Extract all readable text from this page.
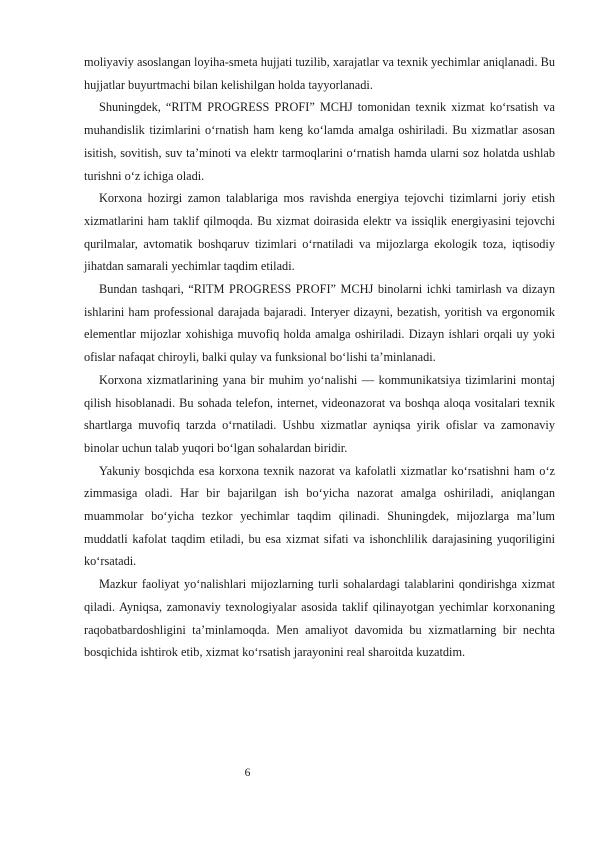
moliyaviy asoslangan loyiha-smeta hujjati tuzilib, xarajatlar va texnik yechimlar aniqlanadi. Bu hujjatlar buyurtmachi bilan kelishilgan holda tayyorlanadi.

Shuningdek, “RITM PROGRESS PROFI” MCHJ tomonidan texnik xizmat ko‘rsatish va muhandislik tizimlarini o‘rnatish ham keng ko‘lamda amalga oshiriladi. Bu xizmatlar asosan isitish, sovitish, suv ta’minoti va elektr tarmoqlarini o‘rnatish hamda ularni soz holatda ushlab turishni o‘z ichiga oladi.

Korxona hozirgi zamon talablariga mos ravishda energiya tejovchi tizimlarni joriy etish xizmatlarini ham taklif qilmoqda. Bu xizmat doirasida elektr va issiqlik energiyasini tejovchi qurilmalar, avtomatik boshqaruv tizimlari o‘rnatiladi va mijozlarga ekologik toza, iqtisodiy jihatdan samarali yechimlar taqdim etiladi.

Bundan tashqari, “RITM PROGRESS PROFI” MCHJ binolarni ichki tamirlash va dizayn ishlarini ham professional darajada bajaradi. Interyer dizayni, bezatish, yoritish va ergonomik elementlar mijozlar xohishiga muvofiq holda amalga oshiriladi. Dizayn ishlari orqali uy yoki ofislar nafaqat chiroyli, balki qulay va funksional bo‘lishi ta’minlanadi.

Korxona xizmatlarining yana bir muhim yo‘nalishi — kommunikatsiya tizimlarini montaj qilish hisoblanadi. Bu sohada telefon, internet, videonazorat va boshqa aloqa vositalari texnik shartlarga muvofiq tarzda o‘rnatiladi. Ushbu xizmatlar ayniqsa yirik ofislar va zamonaviy binolar uchun talab yuqori bo‘lgan sohalardan biridir.

Yakuniy bosqichda esa korxona texnik nazorat va kafolatli xizmatlar ko‘rsatishni ham o‘z zimmasiga oladi. Har bir bajarilgan ish bo‘yicha nazorat amalga oshiriladi, aniqlangan muammolar bo‘yicha tezkor yechimlar taqdim qilinadi. Shuningdek, mijozlarga ma’lum muddatli kafolat taqdim etiladi, bu esa xizmat sifati va ishonchlilik darajasining yuqoriligini ko‘rsatadi.

Mazkur faoliyat yo‘nalishlari mijozlarning turli sohalardagi talablarini qondirishga xizmat qiladi. Ayniqsa, zamonaviy texnologiyalar asosida taklif qilinayotgan yechimlar korxonaning raqobatbardoshligini ta’minlamoqda. Men amaliyot davomida bu xizmatlarning bir nechta bosqichida ishtirok etib, xizmat ko‘rsatish jarayonini real sharoitda kuzatdim.

6
